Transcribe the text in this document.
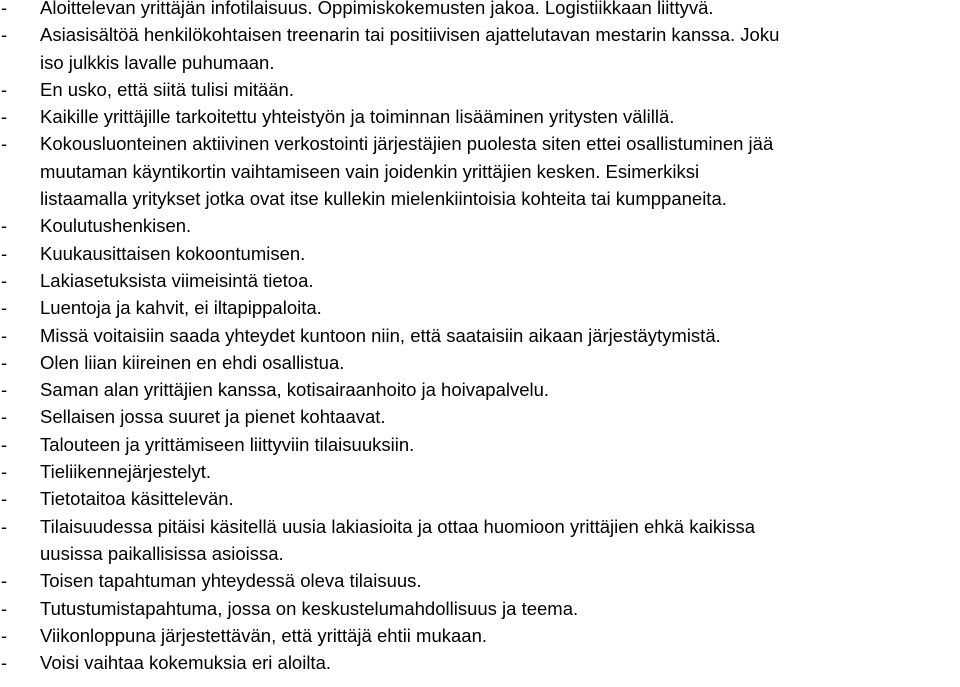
-	Aloittelevan yrittäjän infotilaisuus. Oppimiskokemusten jakoa. Logistiikkaan liittyvä.
-	Asiasisältöä henkilökohtaisen treenarin tai positiivisen ajattelutavan mestarin kanssa. Joku
iso julkkis lavalle puhumaan.
-	En usko, että siitä tulisi mitään.
-	Kaikille yrittäjille tarkoitettu yhteistyön ja toiminnan lisääminen yritysten välillä.
-	Kokousluonteinen aktiivinen verkostointi järjestäjien puolesta siten ettei osallistuminen jää
muutaman käyntikortin vaihtamiseen vain joidenkin yrittäjien kesken. Esimerkiksi
listaamalla yritykset jotka ovat itse kullekin mielenkiintoisia kohteita tai kumppaneita.
-	Koulutushenkisen.
-	Kuukausittaisen kokoontumisen.
-	Lakiasetuksista viimeisintä tietoa.
-	Luentoja ja kahvit, ei iltapippaloita.
-	Missä voitaisiin saada yhteydet kuntoon niin, että saataisiin aikaan järjestäytymistä.
-	Olen liian kiireinen en ehdi osallistua.
-	Saman alan yrittäjien kanssa, kotisairaanhoito ja hoivapalvelu.
-	Sellaisen jossa suuret ja pienet kohtaavat.
-	Talouteen ja yrittämiseen liittyviin tilaisuuksiin.
-	Tieliikennejärjestelyt.
-	Tietotaitoa käsittelevän.
-	Tilaisuudessa pitäisi käsitellä uusia lakiasioita ja ottaa huomioon yrittäjien ehkä kaikissa
uusissa paikallisissa asioissa.
-	Toisen tapahtuman yhteydessä oleva tilaisuus.
-	Tutustumistapahtuma, jossa on keskustelumahdollisuus ja teema.
-	Viikonloppuna järjestettävän, että yrittäjä ehtii mukaan.
-	Voisi vaihtaa kokemuksia eri aloilta.
